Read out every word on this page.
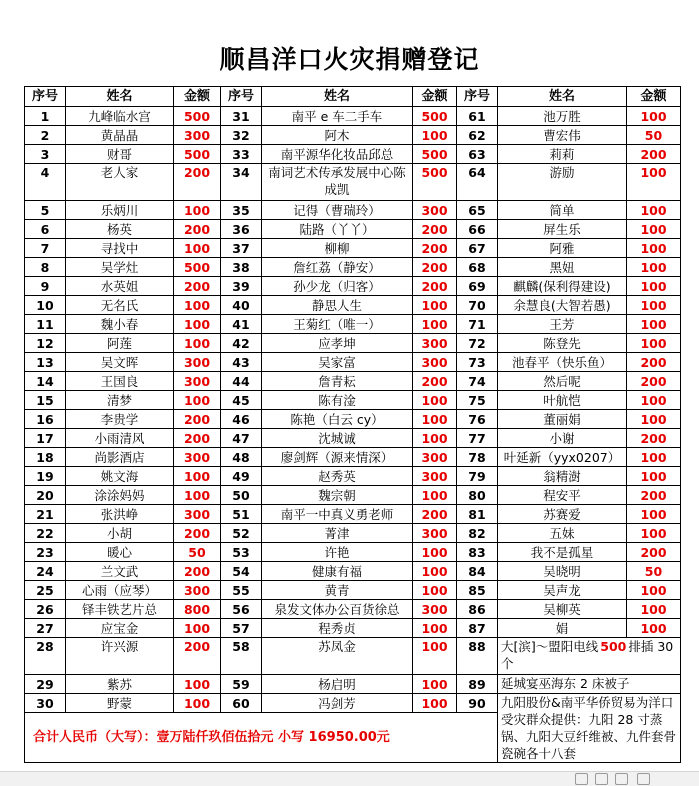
顺昌洋口火灾捐赠登记
序号	姓名	金额	序号	姓名	金额	序号	姓名	金额
1	九峰临水宫	500	31	南平 e 车二手车	500	61	池万胜	100
2	黄晶晶	300	32	阿木	100	62	曹宏伟	50
3	财哥	500	33	南平源华化妆品邱总	500	63	莉莉	200
4	老人家	200	34	南词艺术传承发展中心陈成凯	500	64	游励	100
5	乐炳川	100	35	记得（曹瑞玲）	300	65	简单	100
6	杨英	200	36	陆路（丫丫）	200	66	屏生乐	100
7	寻找中	100	37	柳柳	200	67	阿雅	100
8	吴学灶	500	38	詹红荔（静安）	200	68	黑妞	100
9	水英姐	200	39	孙少龙（归客）	200	69	麒麟(保利得建设)	100
10	无名氏	100	40	静思人生	100	70	余慧良(大智若愚)	100
11	魏小春	100	41	王菊红（唯一）	100	71	王芳	100
12	阿莲	100	42	应孝坤	300	72	陈登先	100
13	吴文晖	300	43	吴家富	300	73	池春平（快乐鱼）	200
14	王国良	300	44	詹青耘	200	74	然后呢	200
15	清梦	100	45	陈有淦	100	75	叶航恺	100
16	李贵学	200	46	陈艳（白云 cy）	100	76	董丽娟	100
17	小雨清风	200	47	沈城诚	100	77	小谢	200
18	尚影酒店	300	48	廖剑辉（源来情深）	300	78	叶延新（yyx0207）	100
19	姚文海	100	49	赵秀英	300	79	翁精澍	100
20	涂涂妈妈	100	50	魏宗朝	100	80	程安平	200
21	张洪峥	300	51	南平一中真义勇老师	200	81	苏赛爱	100
22	小胡	200	52	菁津	300	82	五妹	100
23	暖心	50	53	许艳	100	83	我不是孤星	200
24	兰文武	200	54	健康有福	100	84	吴晓明	50
25	心雨（应琴）	300	55	黄青	100	85	吴声龙	100
26	铎丰铁艺片总	800	56	泉发文体办公百货徐总	300	86	吴柳英	100
27	应宝金	100	57	程秀贞	100	87	娟	100
28	许兴源	200	58	苏凤金	100	88	大[滨]～盟阳电线 500 排插 30 个	
29	紫苏	100	59	杨启明	100	89	延城宴巫海东 2 床被子	
30	野蒙	100	60	冯剑芳	100	90	九阳股份&南平华侨贸易为洋口受灾群众提供：九阳 28 寸蒸锅、九阳大豆纤维被、九件套骨瓷碗各十八套	
合计人民币（大写）：壹万陆仟玖佰伍拾元 小写 16950.00元								
